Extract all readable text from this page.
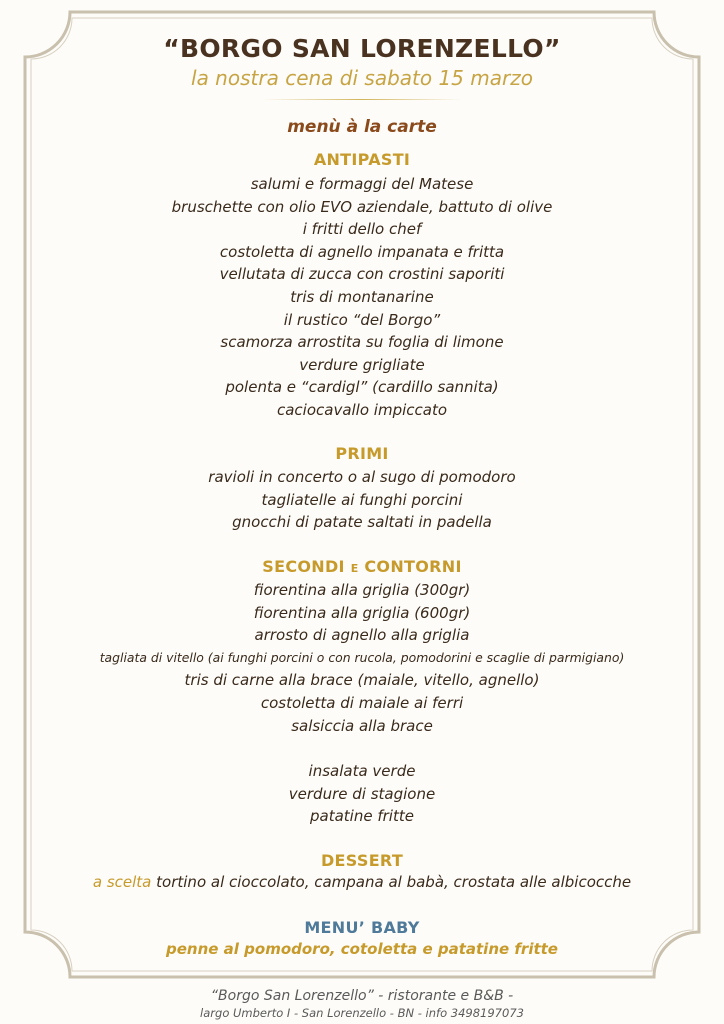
“BORGO SAN LORENZELLO”
la nostra cena di sabato 15 marzo
menù à la carte
ANTIPASTI
salumi e formaggi del Matese
bruschette con olio EVO aziendale, battuto di olive
i fritti dello chef
costoletta di agnello impanata e fritta
vellutata di zucca con crostini saporiti
tris di montanarine
il rustico “del Borgo”
scamorza arrostita su foglia di limone
verdure grigliate
polenta e “cardigl” (cardillo sannita)
caciocavallo impiccato
PRIMI
ravioli in concerto o al sugo di pomodoro
tagliatelle ai funghi porcini
gnocchi di patate saltati in padella
SECONDI E CONTORNI
fiorentina alla griglia (300gr)
fiorentina alla griglia (600gr)
arrosto di agnello alla griglia
tagliata di vitello (ai funghi porcini o con rucola, pomodorini e scaglie di parmigiano)
tris di carne alla brace (maiale, vitello, agnello)
costoletta di maiale ai ferri
salsiccia alla brace
insalata verde
verdure di stagione
patatine fritte
DESSERT
a scelta tortino al cioccolato, campana al babà, crostata alle albicocche
MENU’ BABY
penne al pomodoro, cotoletta e patatine fritte
“Borgo San Lorenzello” - ristorante e B&B -
largo Umberto I - San Lorenzello - BN - info 3498197073
